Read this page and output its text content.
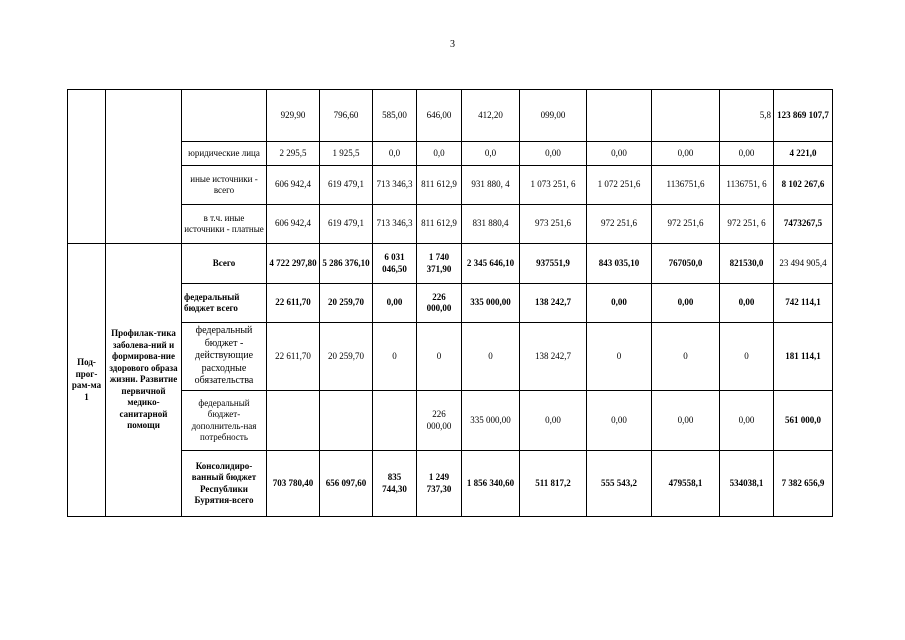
3
			929,90	796,60	585,00	646,00	412,20	099,00			5,8	123 869 107,7
		юридические лица	2 295,5	1 925,5	0,0	0,0	0,0	0,00	0,00	0,00	0,00	4 221,0
		иные источники - всего	606 942,4	619 479,1	713 346,3	811 612,9	931 880, 4	1 073 251, 6	1 072 251,6	1136751,6	1136751, 6	8 102 267,6
		в т.ч. иные источники - платные	606 942,4	619 479,1	713 346,3	811 612,9	831 880,4	973 251,6	972 251,6	972 251,6	972 251, 6	7473267,5
Под-прог-рам-ма 1	Профилак-тика заболева-ний и формирова-ние здорового образа жизни. Развитие первичной медико-санитарной помощи	Всего	4 722 297,80	5 286 376,10	6 031 046,50	1 740 371,90	2 345 646,10	937551,9	843 035,10	767050,0	821530,0	23 494 905,4
		федеральный бюджет всего	22 611,70	20 259,70	0,00	226 000,00	335 000,00	138 242,7	0,00	0,00	0,00	742 114,1
		федеральный бюджет - действующие расходные обязательства	22 611,70	20 259,70	0	0	0	138 242,7	0	0	0	181 114,1
		федеральный бюджет- дополнитель-ная потребность				226 000,00	335 000,00	0,00	0,00	0,00	0,00	561 000,0
		Консолидиро-ванный бюджет Республики Бурятия-всего	703 780,40	656 097,60	835 744,30	1 249 737,30	1 856 340,60	511 817,2	555 543,2	479558,1	534038,1	7 382 656,9
